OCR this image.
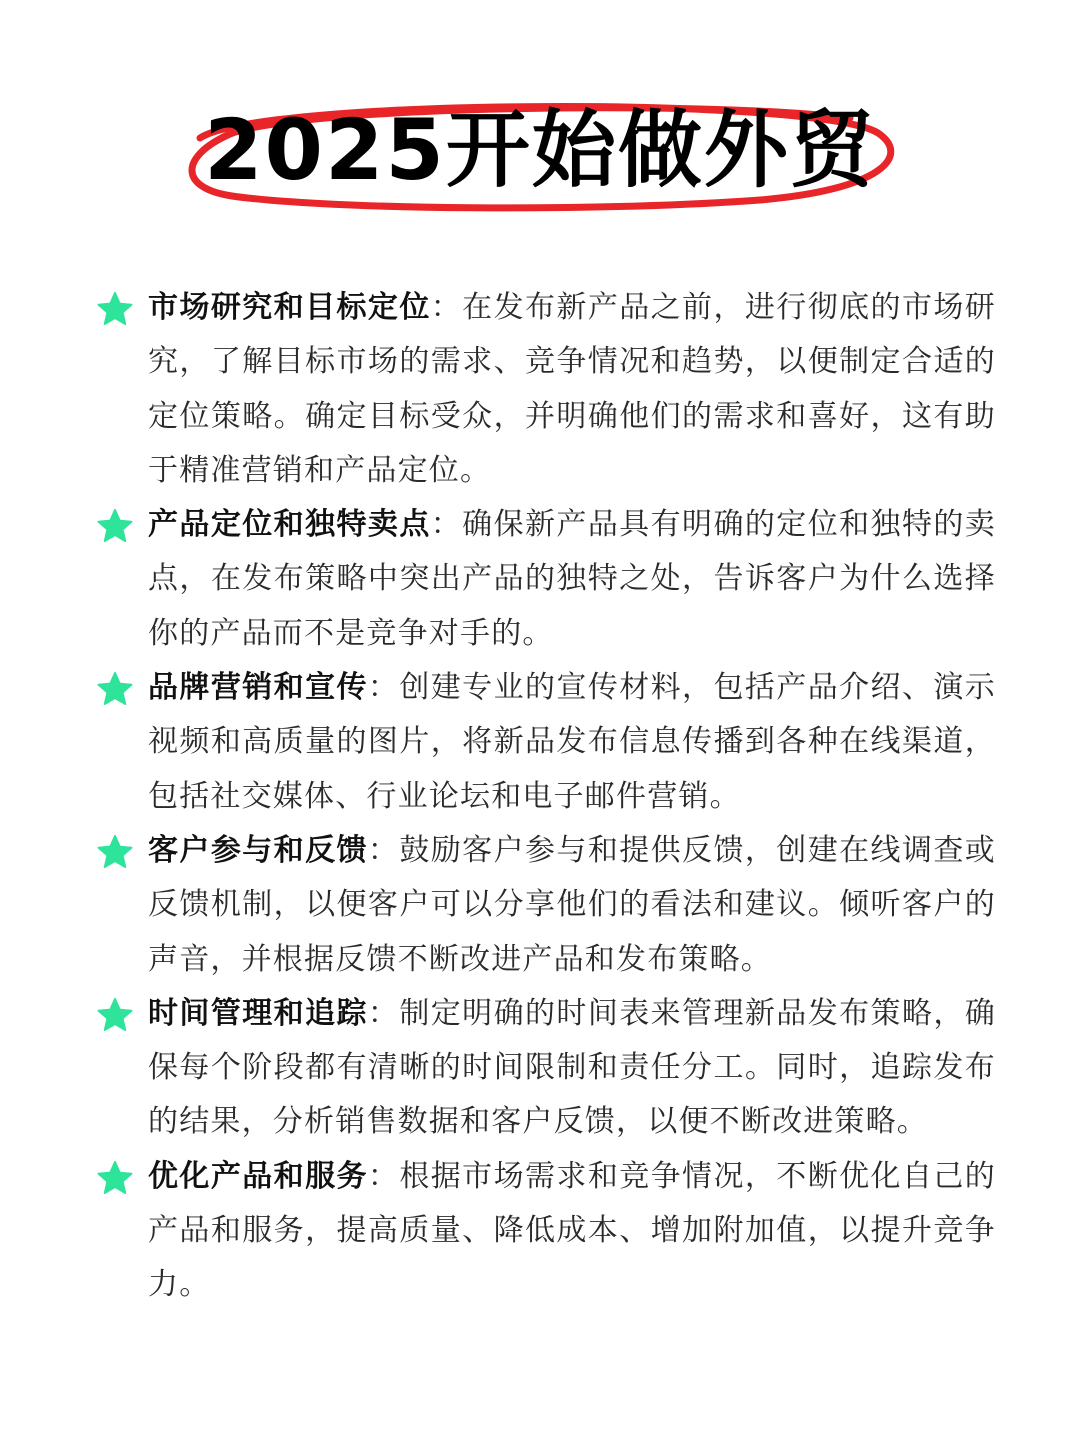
2025开始做外贸

市场研究和目标定位：在发布新产品之前，进行彻底的市场研究，了解目标市场的需求、竞争情况和趋势，以便制定合适的定位策略。确定目标受众，并明确他们的需求和喜好，这有助于精准营销和产品定位。

产品定位和独特卖点：确保新产品具有明确的定位和独特的卖点，在发布策略中突出产品的独特之处，告诉客户为什么选择你的产品而不是竞争对手的。

品牌营销和宣传：创建专业的宣传材料，包括产品介绍、演示视频和高质量的图片，将新品发布信息传播到各种在线渠道，包括社交媒体、行业论坛和电子邮件营销。

客户参与和反馈：鼓励客户参与和提供反馈，创建在线调查或反馈机制，以便客户可以分享他们的看法和建议。倾听客户的声音，并根据反馈不断改进产品和发布策略。

时间管理和追踪：制定明确的时间表来管理新品发布策略，确保每个阶段都有清晰的时间限制和责任分工。同时，追踪发布的结果，分析销售数据和客户反馈，以便不断改进策略。

优化产品和服务：根据市场需求和竞争情况，不断优化自己的产品和服务，提高质量、降低成本、增加附加值，以提升竞争力。
